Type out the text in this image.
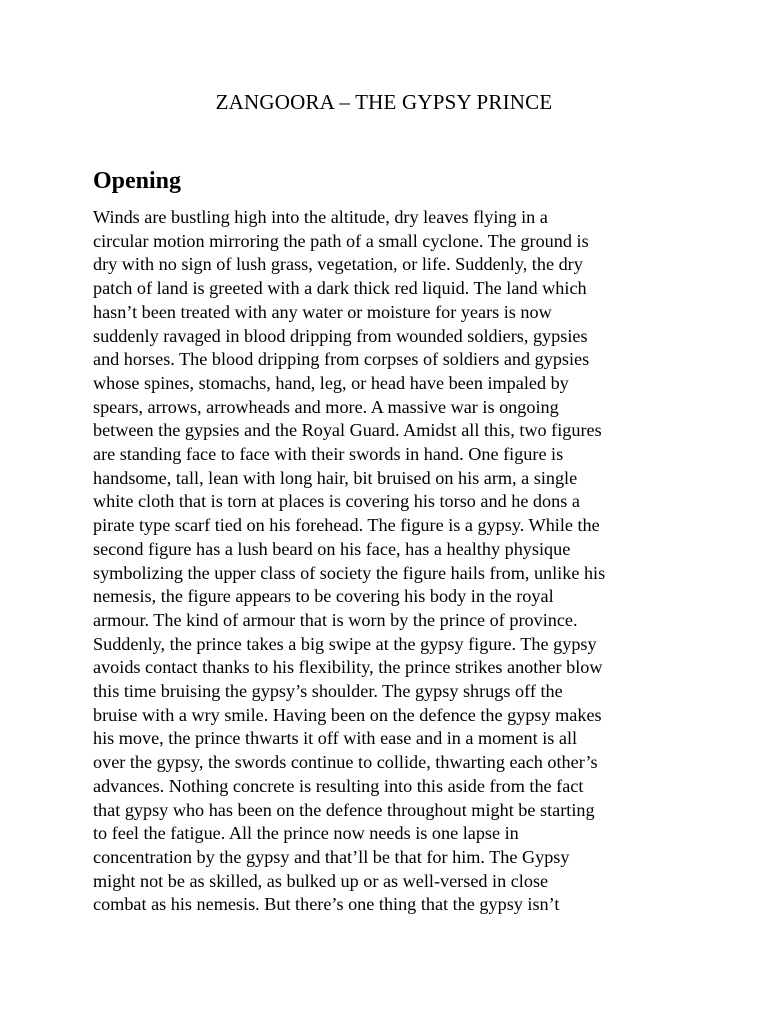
ZANGOORA – THE GYPSY PRINCE
Opening
Winds are bustling high into the altitude, dry leaves flying in a
circular motion mirroring the path of a small cyclone. The ground is
dry with no sign of lush grass, vegetation, or life. Suddenly, the dry
patch of land is greeted with a dark thick red liquid. The land which
hasn’t been treated with any water or moisture for years is now
suddenly ravaged in blood dripping from wounded soldiers, gypsies
and horses. The blood dripping from corpses of soldiers and gypsies
whose spines, stomachs, hand, leg, or head have been impaled by
spears, arrows, arrowheads and more. A massive war is ongoing
between the gypsies and the Royal Guard. Amidst all this, two figures
are standing face to face with their swords in hand. One figure is
handsome, tall, lean with long hair, bit bruised on his arm, a single
white cloth that is torn at places is covering his torso and he dons a
pirate type scarf tied on his forehead. The figure is a gypsy. While the
second figure has a lush beard on his face, has a healthy physique
symbolizing the upper class of society the figure hails from, unlike his
nemesis, the figure appears to be covering his body in the royal
armour. The kind of armour that is worn by the prince of province.
Suddenly, the prince takes a big swipe at the gypsy figure. The gypsy
avoids contact thanks to his flexibility, the prince strikes another blow
this time bruising the gypsy’s shoulder. The gypsy shrugs off the
bruise with a wry smile. Having been on the defence the gypsy makes
his move, the prince thwarts it off with ease and in a moment is all
over the gypsy, the swords continue to collide, thwarting each other’s
advances. Nothing concrete is resulting into this aside from the fact
that gypsy who has been on the defence throughout might be starting
to feel the fatigue. All the prince now needs is one lapse in
concentration by the gypsy and that’ll be that for him. The Gypsy
might not be as skilled, as bulked up or as well-versed in close
combat as his nemesis. But there’s one thing that the gypsy isn’t
